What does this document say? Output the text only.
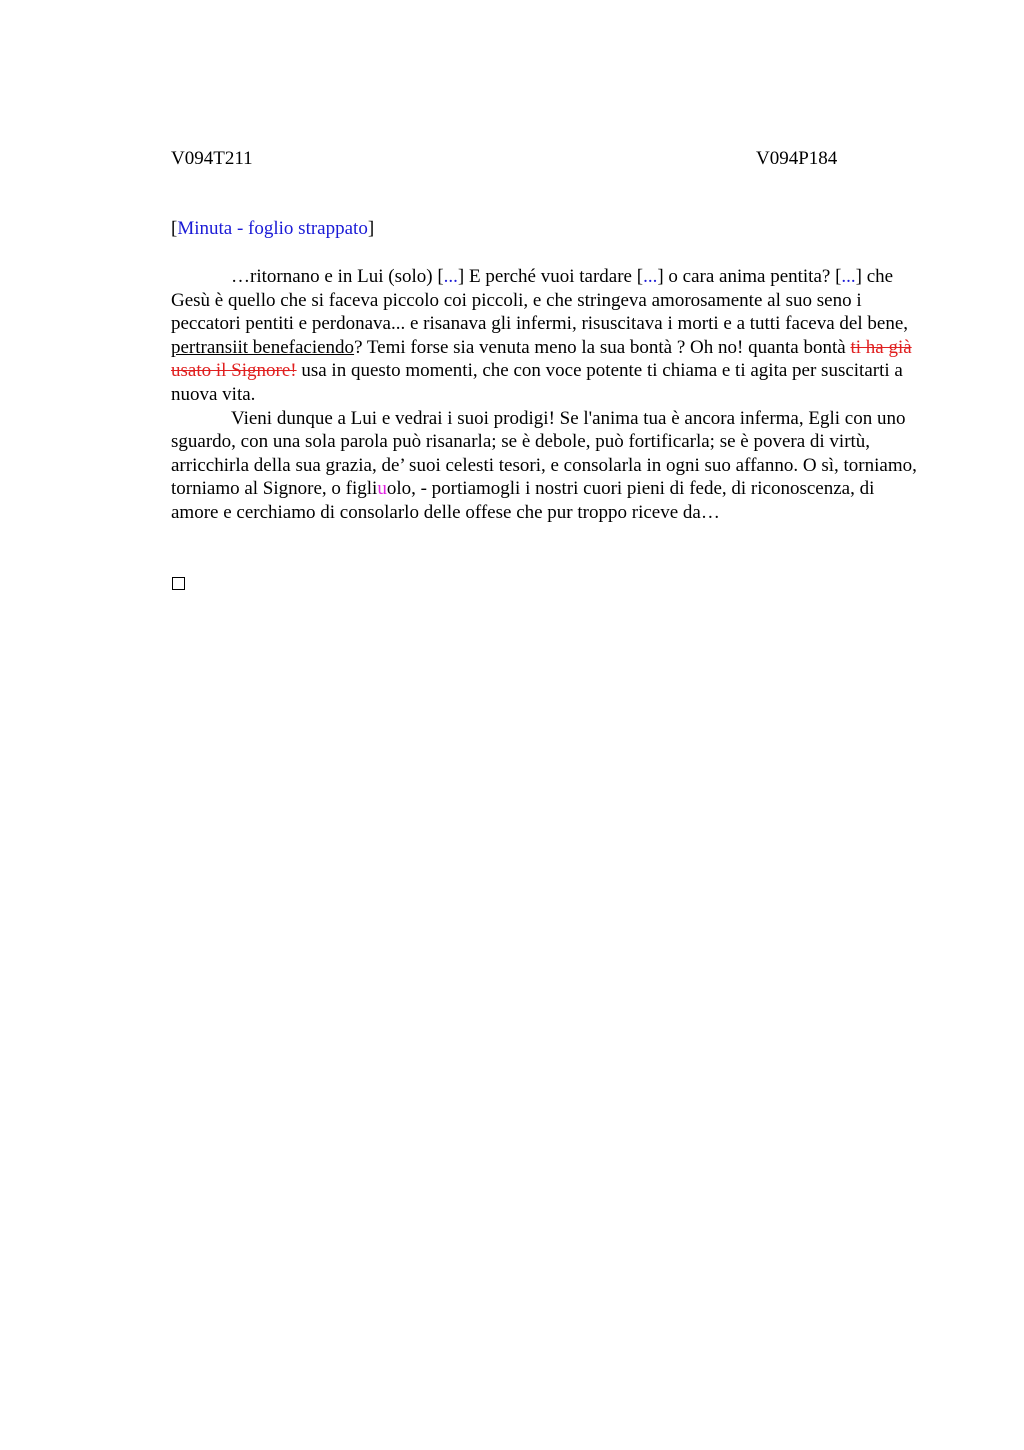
V094T211	V094P184
[Minuta - foglio strappato]

…ritornano e in Lui (solo) [...] E perché vuoi tardare [...] o cara anima pentita? [...] che Gesù è quello che si faceva piccolo coi piccoli, e che stringeva amorosamente al suo seno i peccatori pentiti e perdonava... e risanava gli infermi, risuscitava i morti e a tutti faceva del bene, pertransiit benefaciendo? Temi forse sia venuta meno la sua bontà ? Oh no! quanta bontà ti ha già usato il Signore! usa in questo momenti, che con voce potente ti chiama e ti agita per suscitarti a nuova vita.

Vieni dunque a Lui e vedrai i suoi prodigi! Se l'anima tua è ancora inferma, Egli con uno sguardo, con una sola parola può risanarla; se è debole, può fortificarla; se è povera di virtù, arricchirla della sua grazia, de’ suoi celesti tesori, e consolarla in ogni suo affanno. O sì, torniamo, torniamo al Signore, o figliuolo, - portiamogli i nostri cuori pieni di fede, di riconoscenza, di amore e cerchiamo di consolarlo delle offese che pur troppo riceve da…
